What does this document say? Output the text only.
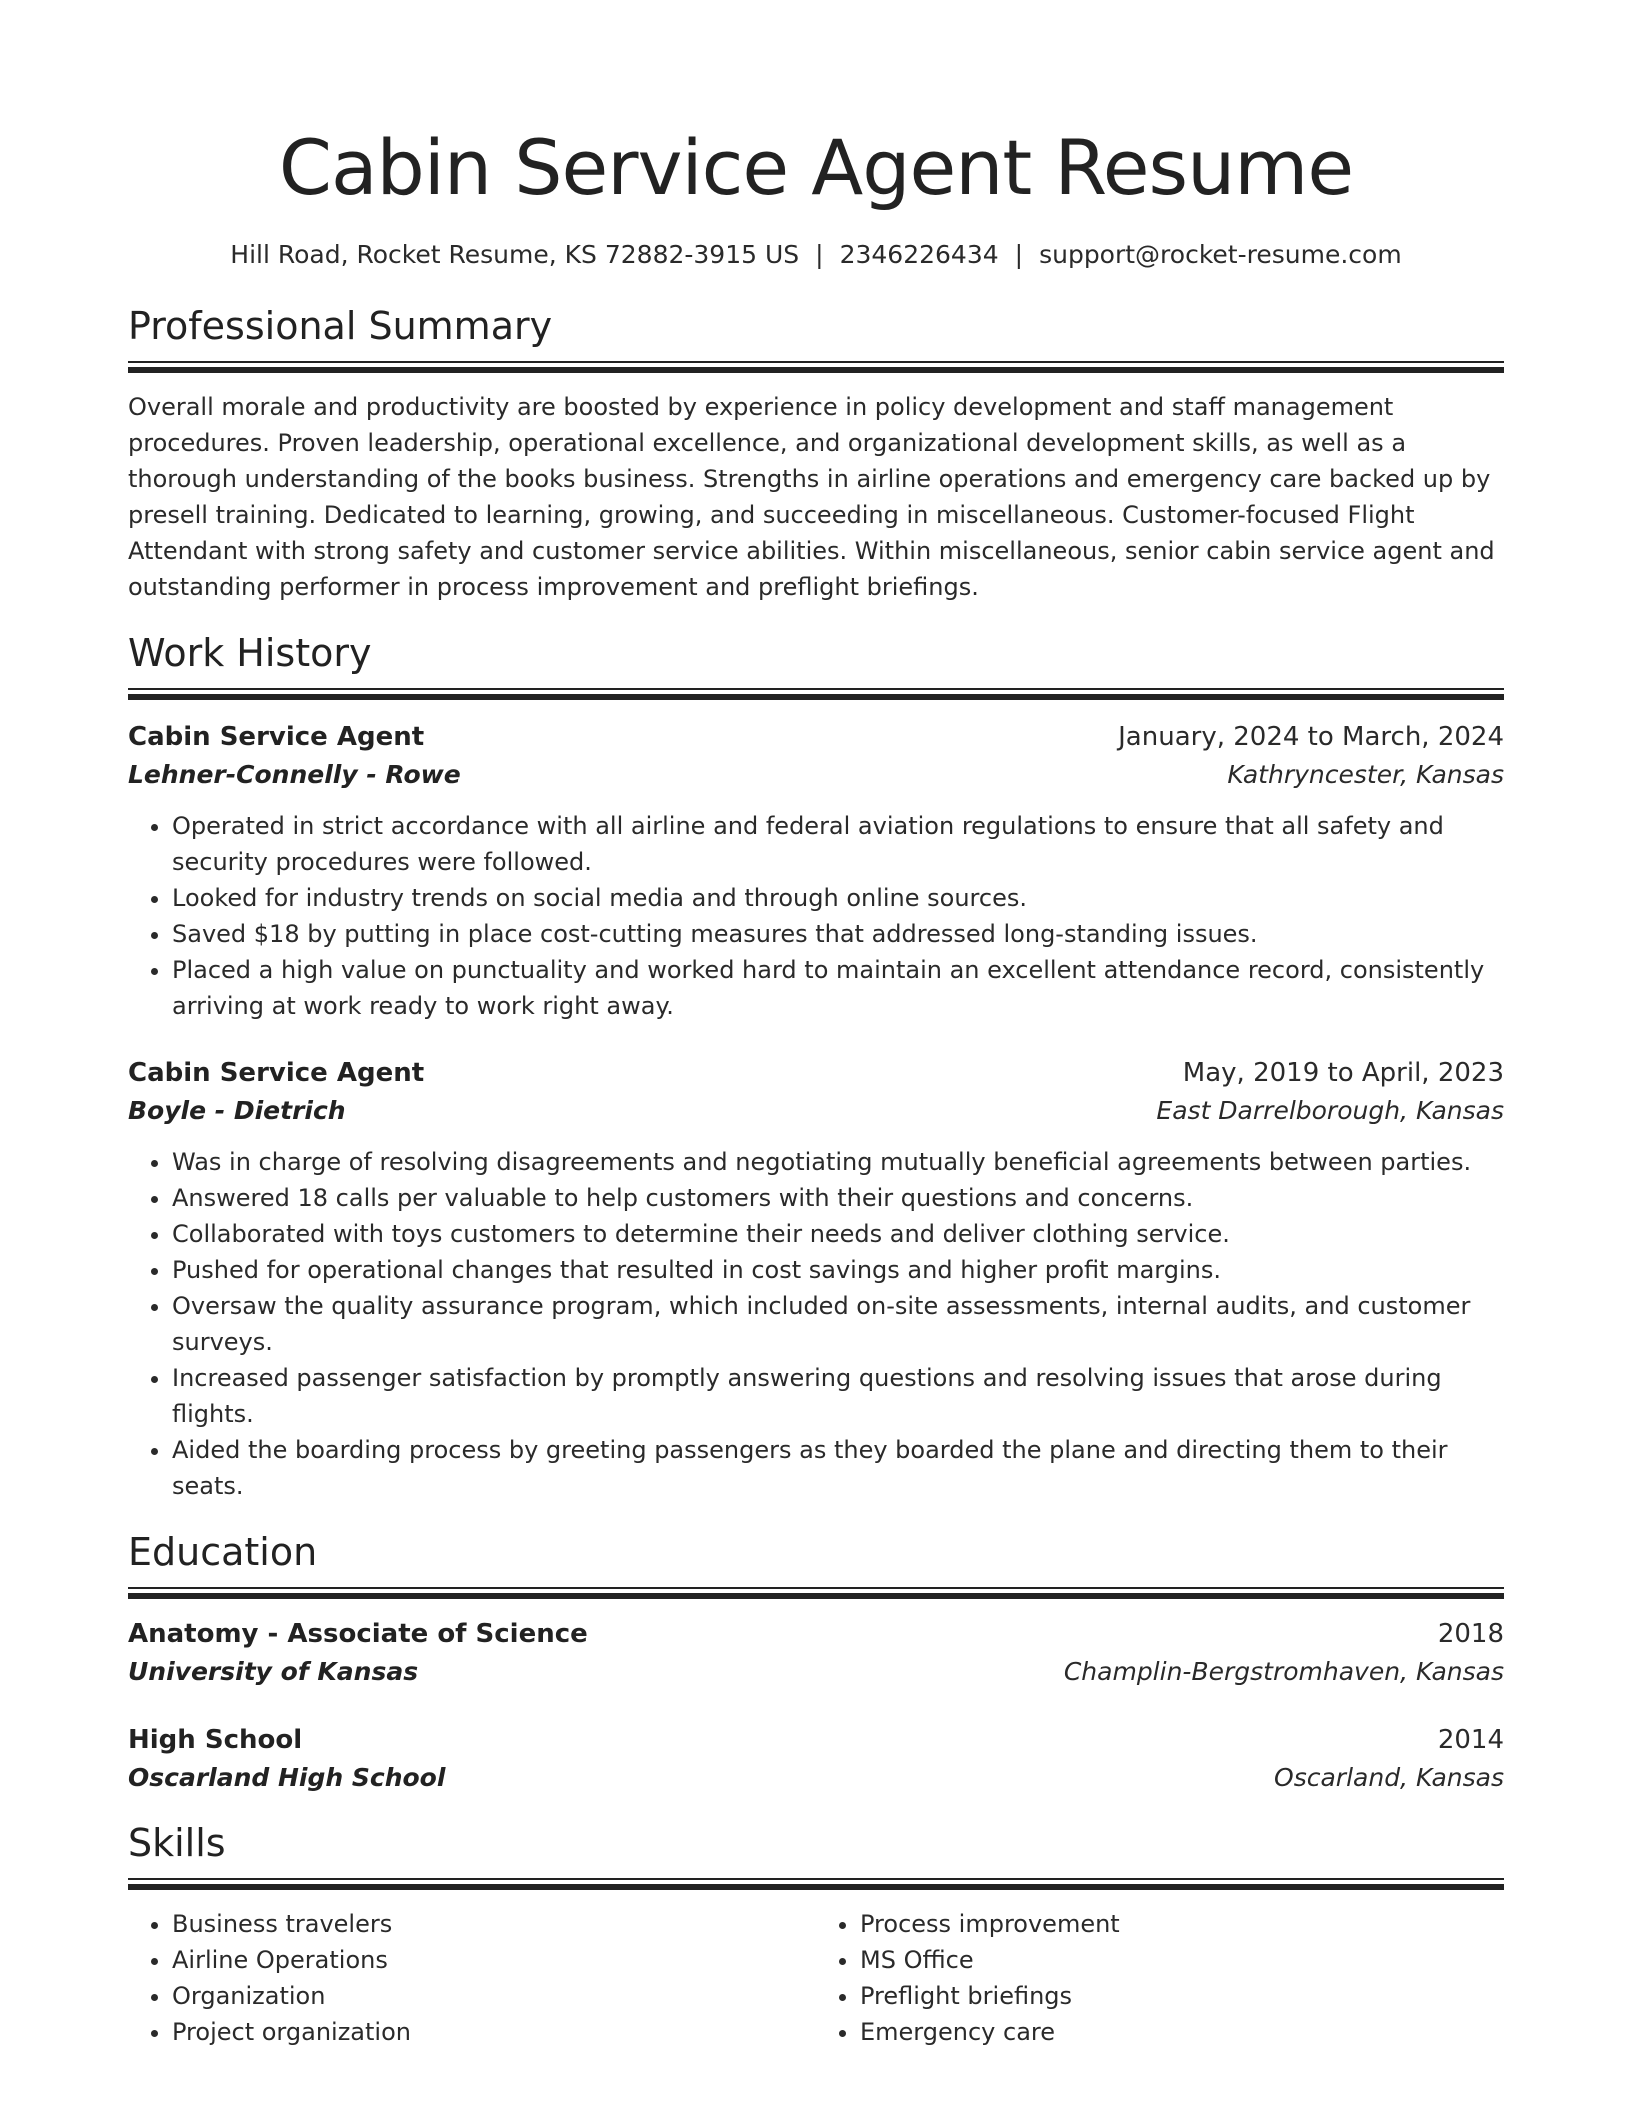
Cabin Service Agent Resume
Hill Road, Rocket Resume, KS 72882-3915 US | 2346226434 | support@rocket-resume.com
Professional Summary
Overall morale and productivity are boosted by experience in policy development and staff management procedures. Proven leadership, operational excellence, and organizational development skills, as well as a thorough understanding of the books business. Strengths in airline operations and emergency care backed up by presell training. Dedicated to learning, growing, and succeeding in miscellaneous. Customer-focused Flight Attendant with strong safety and customer service abilities. Within miscellaneous, senior cabin service agent and outstanding performer in process improvement and preflight briefings.
Work History
Cabin Service Agent	January, 2024 to March, 2024
Lehner-Connelly - Rowe	Kathryncester, Kansas
• Operated in strict accordance with all airline and federal aviation regulations to ensure that all safety and security procedures were followed.
• Looked for industry trends on social media and through online sources.
• Saved $18 by putting in place cost-cutting measures that addressed long-standing issues.
• Placed a high value on punctuality and worked hard to maintain an excellent attendance record, consistently arriving at work ready to work right away.
Cabin Service Agent	May, 2019 to April, 2023
Boyle - Dietrich	East Darrelborough, Kansas
• Was in charge of resolving disagreements and negotiating mutually beneficial agreements between parties.
• Answered 18 calls per valuable to help customers with their questions and concerns.
• Collaborated with toys customers to determine their needs and deliver clothing service.
• Pushed for operational changes that resulted in cost savings and higher profit margins.
• Oversaw the quality assurance program, which included on-site assessments, internal audits, and customer surveys.
• Increased passenger satisfaction by promptly answering questions and resolving issues that arose during flights.
• Aided the boarding process by greeting passengers as they boarded the plane and directing them to their seats.
Education
Anatomy - Associate of Science	2018
University of Kansas	Champlin-Bergstromhaven, Kansas
High School	2014
Oscarland High School	Oscarland, Kansas
Skills
• Business travelers
• Airline Operations
• Organization
• Project organization
• Process improvement
• MS Office
• Preflight briefings
• Emergency care
